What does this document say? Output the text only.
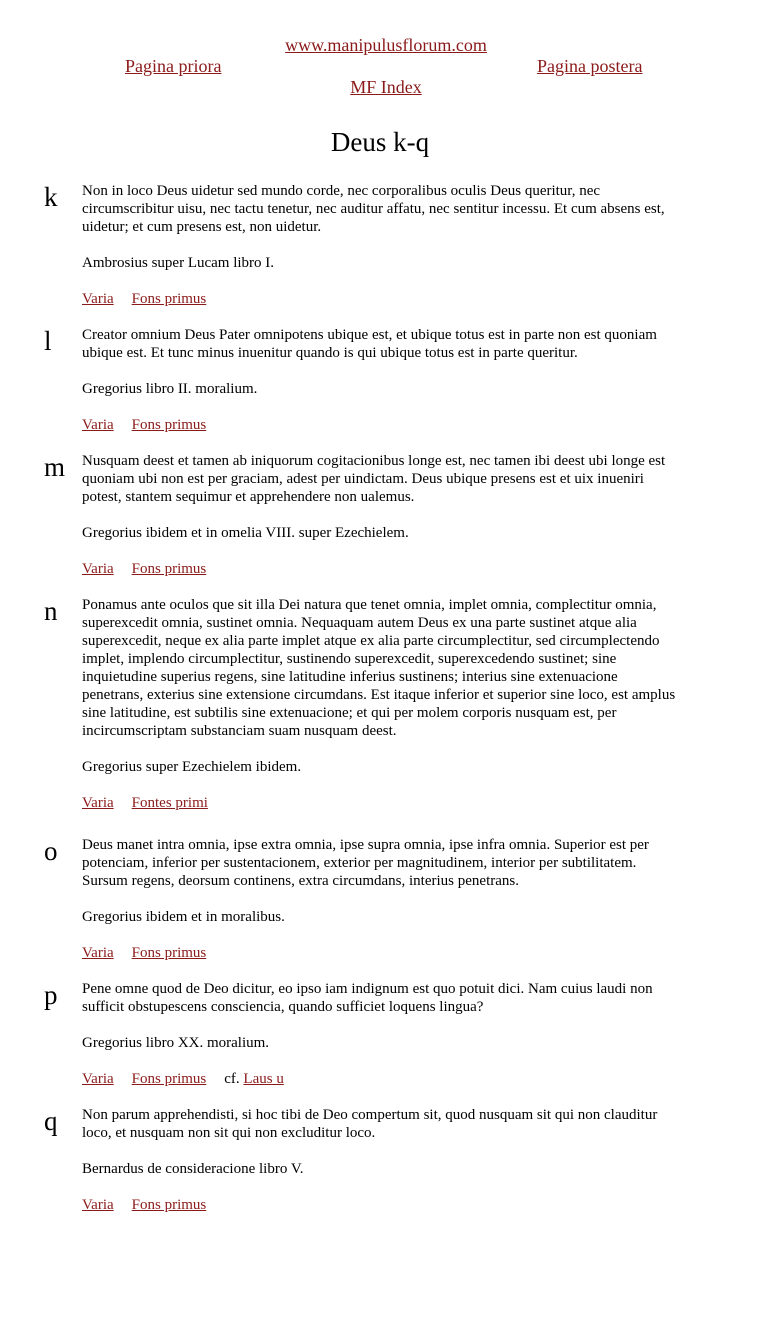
www.manipulusflorum.com
Pagina priora	Pagina postera
MF Index
Deus k-q
k	Non in loco Deus uidetur sed mundo corde, nec corporalibus oculis Deus queritur, nec circumscribitur uisu, nec tactu tenetur, nec auditur affatu, nec sentitur incessu. Et cum absens est, uidetur; et cum presens est, non uidetur.

Ambrosius super Lucam libro I.

Varia Fons primus

l	Creator omnium Deus Pater omnipotens ubique est, et ubique totus est in parte non est quoniam ubique est. Et tunc minus inuenitur quando is qui ubique totus est in parte queritur.

Gregorius libro II. moralium.

Varia Fons primus

m Nusquam deest et tamen ab iniquorum cogitacionibus longe est, nec tamen ibi deest ubi longe est quoniam ubi non est per graciam, adest per uindictam. Deus ubique presens est et uix inueniri potest, stantem sequimur et apprehendere non ualemus.

Gregorius ibidem et in omelia VIII. super Ezechielem.

Varia Fons primus

n	Ponamus ante oculos que sit illa Dei natura que tenet omnia, implet omnia, complectitur omnia, superexcedit omnia, sustinet omnia. Nequaquam autem Deus ex una parte sustinet atque alia superexcedit, neque ex alia parte implet atque ex alia parte circumplectitur, sed circumplectendo implet, implendo circumplectitur, sustinendo superexcedit, superexcedendo sustinet; sine inquietudine superius regens, sine latitudine inferius sustinens; interius sine extenuacione penetrans, exterius sine extensione circumdans. Est itaque inferior et superior sine loco, est amplus sine latitudine, est subtilis sine extenuacione; et qui per molem corporis nusquam est, per incircumscriptam substanciam suam nusquam deest.

Gregorius super Ezechielem ibidem.

Varia Fontes primi

o	Deus manet intra omnia, ipse extra omnia, ipse supra omnia, ipse infra omnia. Superior est per potenciam, inferior per sustentacionem, exterior per magnitudinem, interior per subtilitatem. Sursum regens, deorsum continens, extra circumdans, interius penetrans.

Gregorius ibidem et in moralibus.

Varia Fons primus

p	Pene omne quod de Deo dicitur, eo ipso iam indignum est quo potuit dici. Nam cuius laudi non sufficit obstupescens consciencia, quando sufficiet loquens lingua?

Gregorius libro XX. moralium.

Varia Fons primus cf. Laus u

q	Non parum apprehendisti, si hoc tibi de Deo compertum sit, quod nusquam sit qui non clauditur loco, et nusquam non sit qui non excluditur loco.

Bernardus de consideracione libro V.

Varia Fons primus
